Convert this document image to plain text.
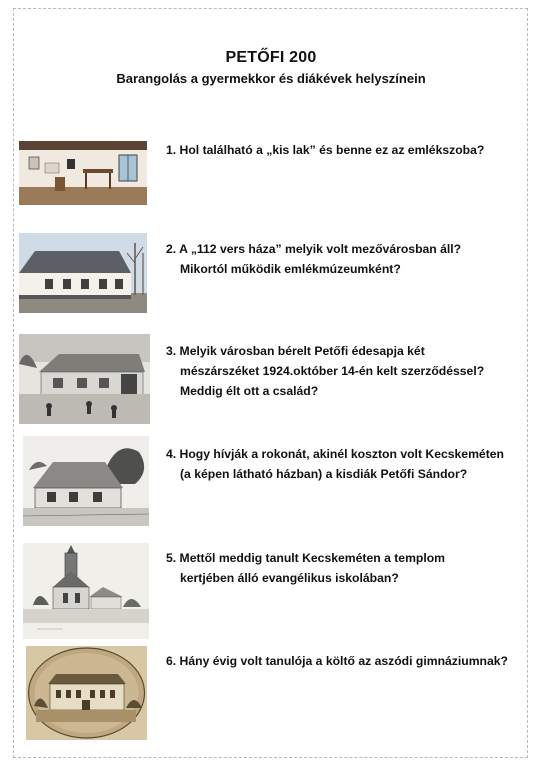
PETŐFI 200
Barangolás a gyermekkor és diákévek helyszínein
1. Hol található a „kis lak” és benne ez az emlékszoba?
2. A „112 vers háza” melyik volt mezővárosban áll?
Mikortól működik emlékmúzeumként?
3. Melyik városban bérelt Petőfi édesapja két
mészárszéket 1924.október 14-én kelt szerződéssel?
Meddig élt ott a család?
4. Hogy hívják a rokonát, akinél koszton volt Kecskeméten
(a képen látható házban) a kisdiák Petőfi Sándor?
5. Mettől meddig tanult Kecskeméten a templom
kertjében álló evangélikus iskolában?
6. Hány évig volt tanulója a költő az aszódi gimnáziumnak?
